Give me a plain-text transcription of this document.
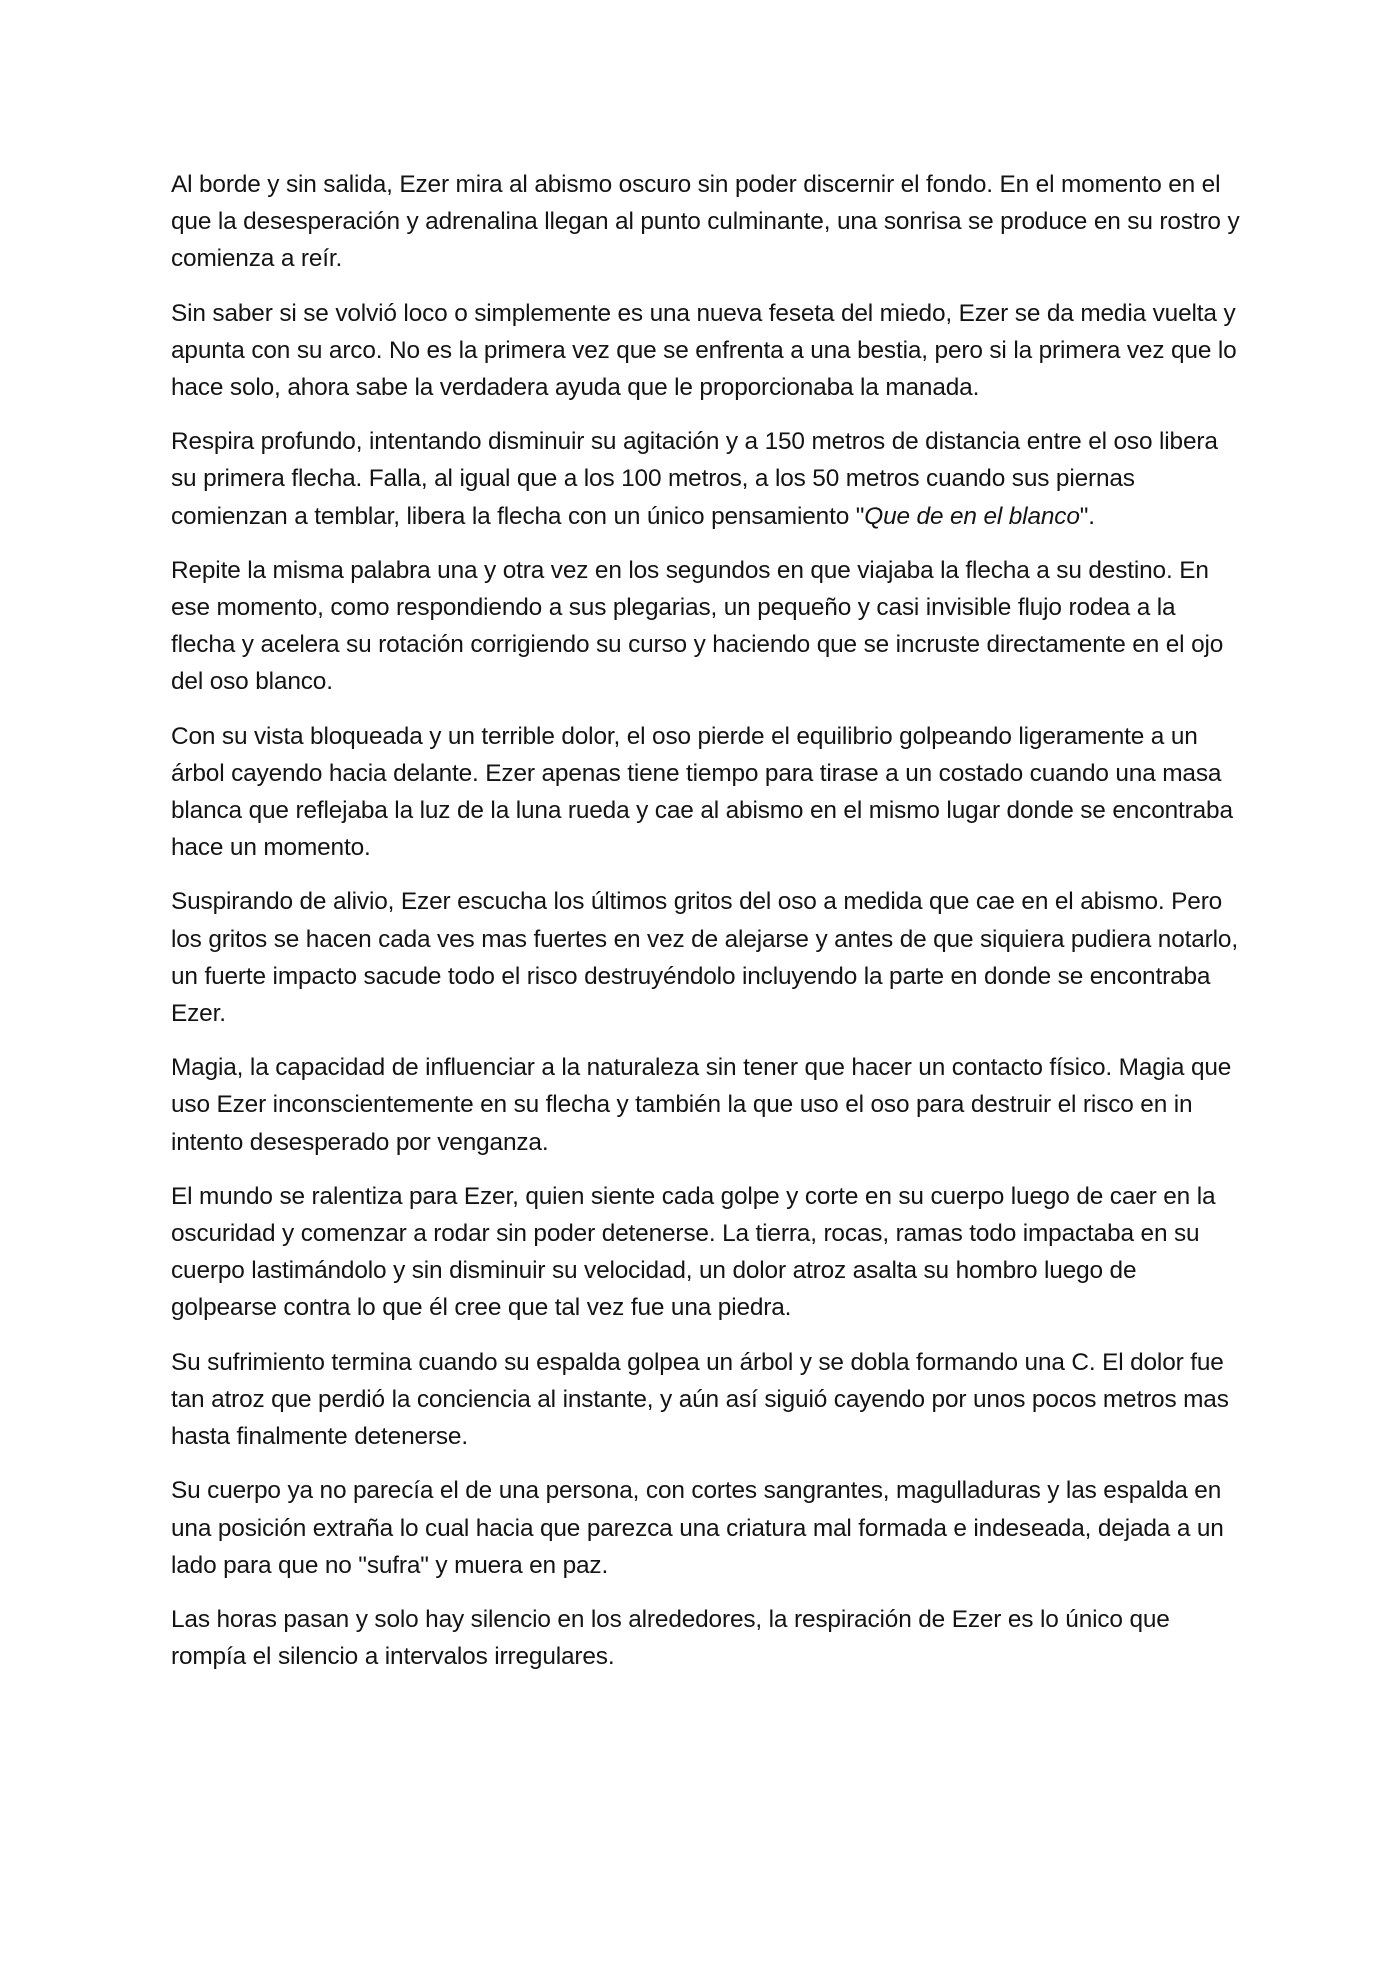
Al borde y sin salida, Ezer mira al abismo oscuro sin poder discernir el fondo. En el momento en el que la desesperación y adrenalina llegan al punto culminante, una sonrisa se produce en su rostro y comienza a reír.

Sin saber si se volvió loco o simplemente es una nueva feseta del miedo, Ezer se da media vuelta y apunta con su arco. No es la primera vez que se enfrenta a una bestia, pero si la primera vez que lo hace solo, ahora sabe la verdadera ayuda que le proporcionaba la manada.

Respira profundo, intentando disminuir su agitación y a 150 metros de distancia entre el oso libera su primera flecha. Falla, al igual que a los 100 metros, a los 50 metros cuando sus piernas comienzan a temblar, libera la flecha con un único pensamiento "Que de en el blanco".

Repite la misma palabra una y otra vez en los segundos en que viajaba la flecha a su destino. En ese momento, como respondiendo a sus plegarias, un pequeño y casi invisible flujo rodea a la flecha y acelera su rotación corrigiendo su curso y haciendo que se incruste directamente en el ojo del oso blanco.

Con su vista bloqueada y un terrible dolor, el oso pierde el equilibrio golpeando ligeramente a un árbol cayendo hacia delante. Ezer apenas tiene tiempo para tirase a un costado cuando una masa blanca que reflejaba la luz de la luna rueda y cae al abismo en el mismo lugar donde se encontraba hace un momento.

Suspirando de alivio, Ezer escucha los últimos gritos del oso a medida que cae en el abismo. Pero los gritos se hacen cada ves mas fuertes en vez de alejarse y antes de que siquiera pudiera notarlo, un fuerte impacto sacude todo el risco destruyéndolo incluyendo la parte en donde se encontraba Ezer.

Magia, la capacidad de influenciar a la naturaleza sin tener que hacer un contacto físico. Magia que uso Ezer inconscientemente en su flecha y también la que uso el oso para destruir el risco en in intento desesperado por venganza.

El mundo se ralentiza para Ezer, quien siente cada golpe y corte en su cuerpo luego de caer en la oscuridad y comenzar a rodar sin poder detenerse. La tierra, rocas, ramas todo impactaba en su cuerpo lastimándolo y sin disminuir su velocidad, un dolor atroz asalta su hombro luego de golpearse contra lo que él cree que tal vez fue una piedra.

Su sufrimiento termina cuando su espalda golpea un árbol y se dobla formando una C. El dolor fue tan atroz que perdió la conciencia al instante, y aún así siguió cayendo por unos pocos metros mas hasta finalmente detenerse.

Su cuerpo ya no parecía el de una persona, con cortes sangrantes, magulladuras y las espalda en una posición extraña lo cual hacia que parezca una criatura mal formada e indeseada, dejada a un lado para que no "sufra" y muera en paz.

Las horas pasan y solo hay silencio en los alrededores, la respiración de Ezer es lo único que rompía el silencio a intervalos irregulares.
